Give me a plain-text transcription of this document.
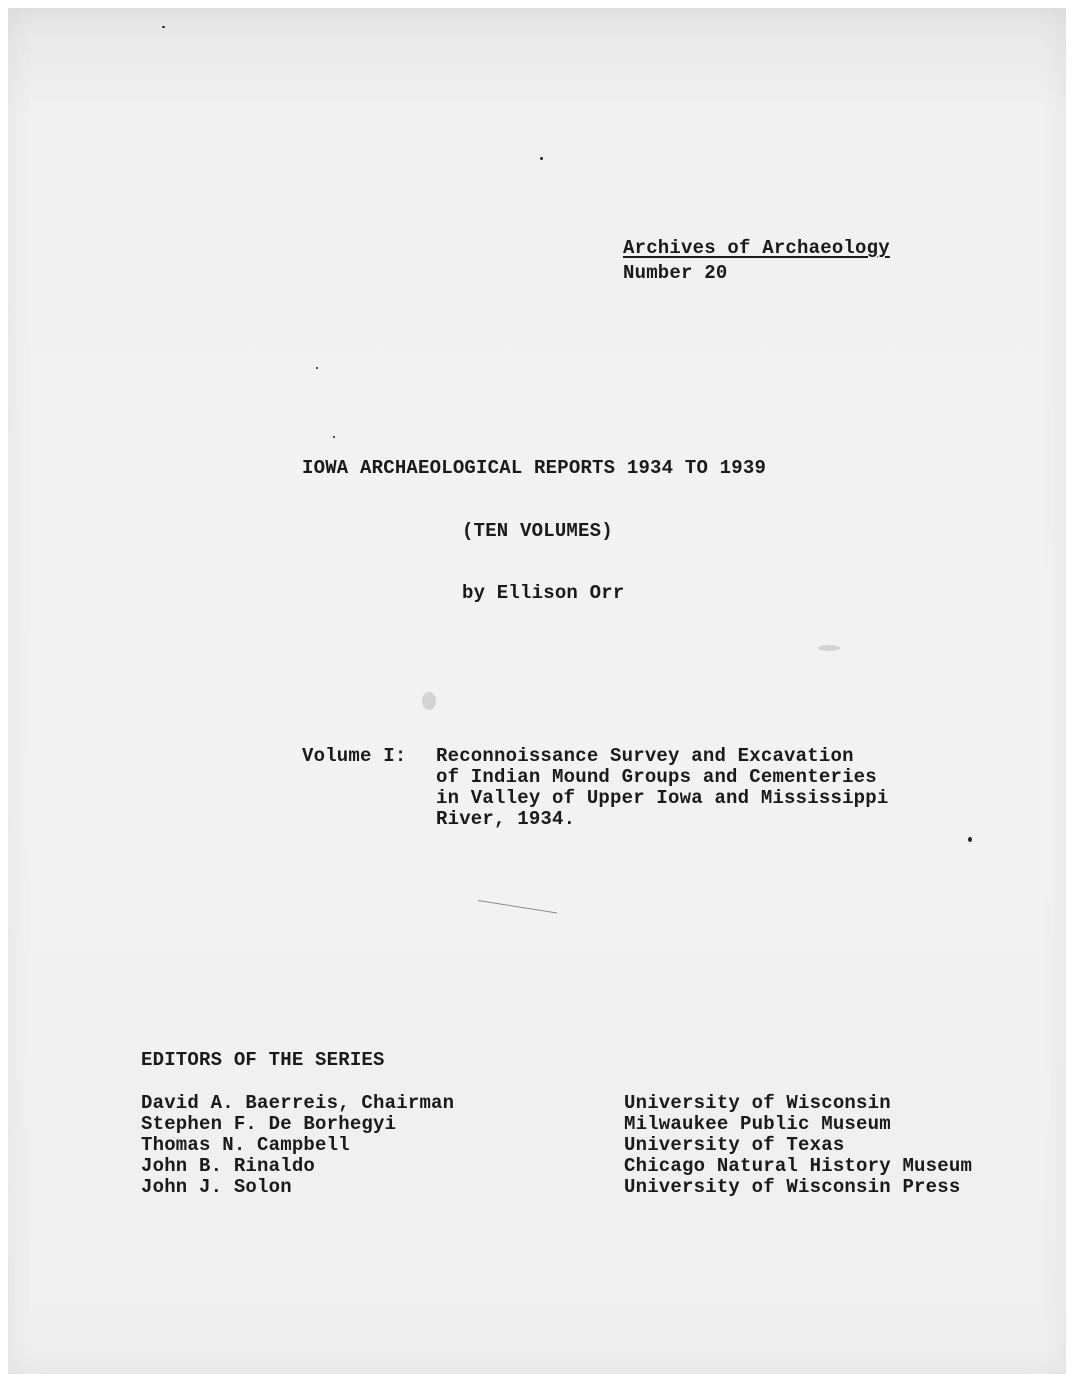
Archives of Archaeology
Number 20
IOWA ARCHAEOLOGICAL REPORTS 1934 TO 1939
(TEN VOLUMES)
by Ellison Orr
Volume I: Reconnoissance Survey and Excavation
of Indian Mound Groups and Cementeries
in Valley of Upper Iowa and Mississippi
River, 1934.
EDITORS OF THE SERIES
David A. Baerreis, Chairman
Stephen F. De Borhegyi
Thomas N. Campbell
John B. Rinaldo
John J. Solon
University of Wisconsin
Milwaukee Public Museum
University of Texas
Chicago Natural History Museum
University of Wisconsin Press
